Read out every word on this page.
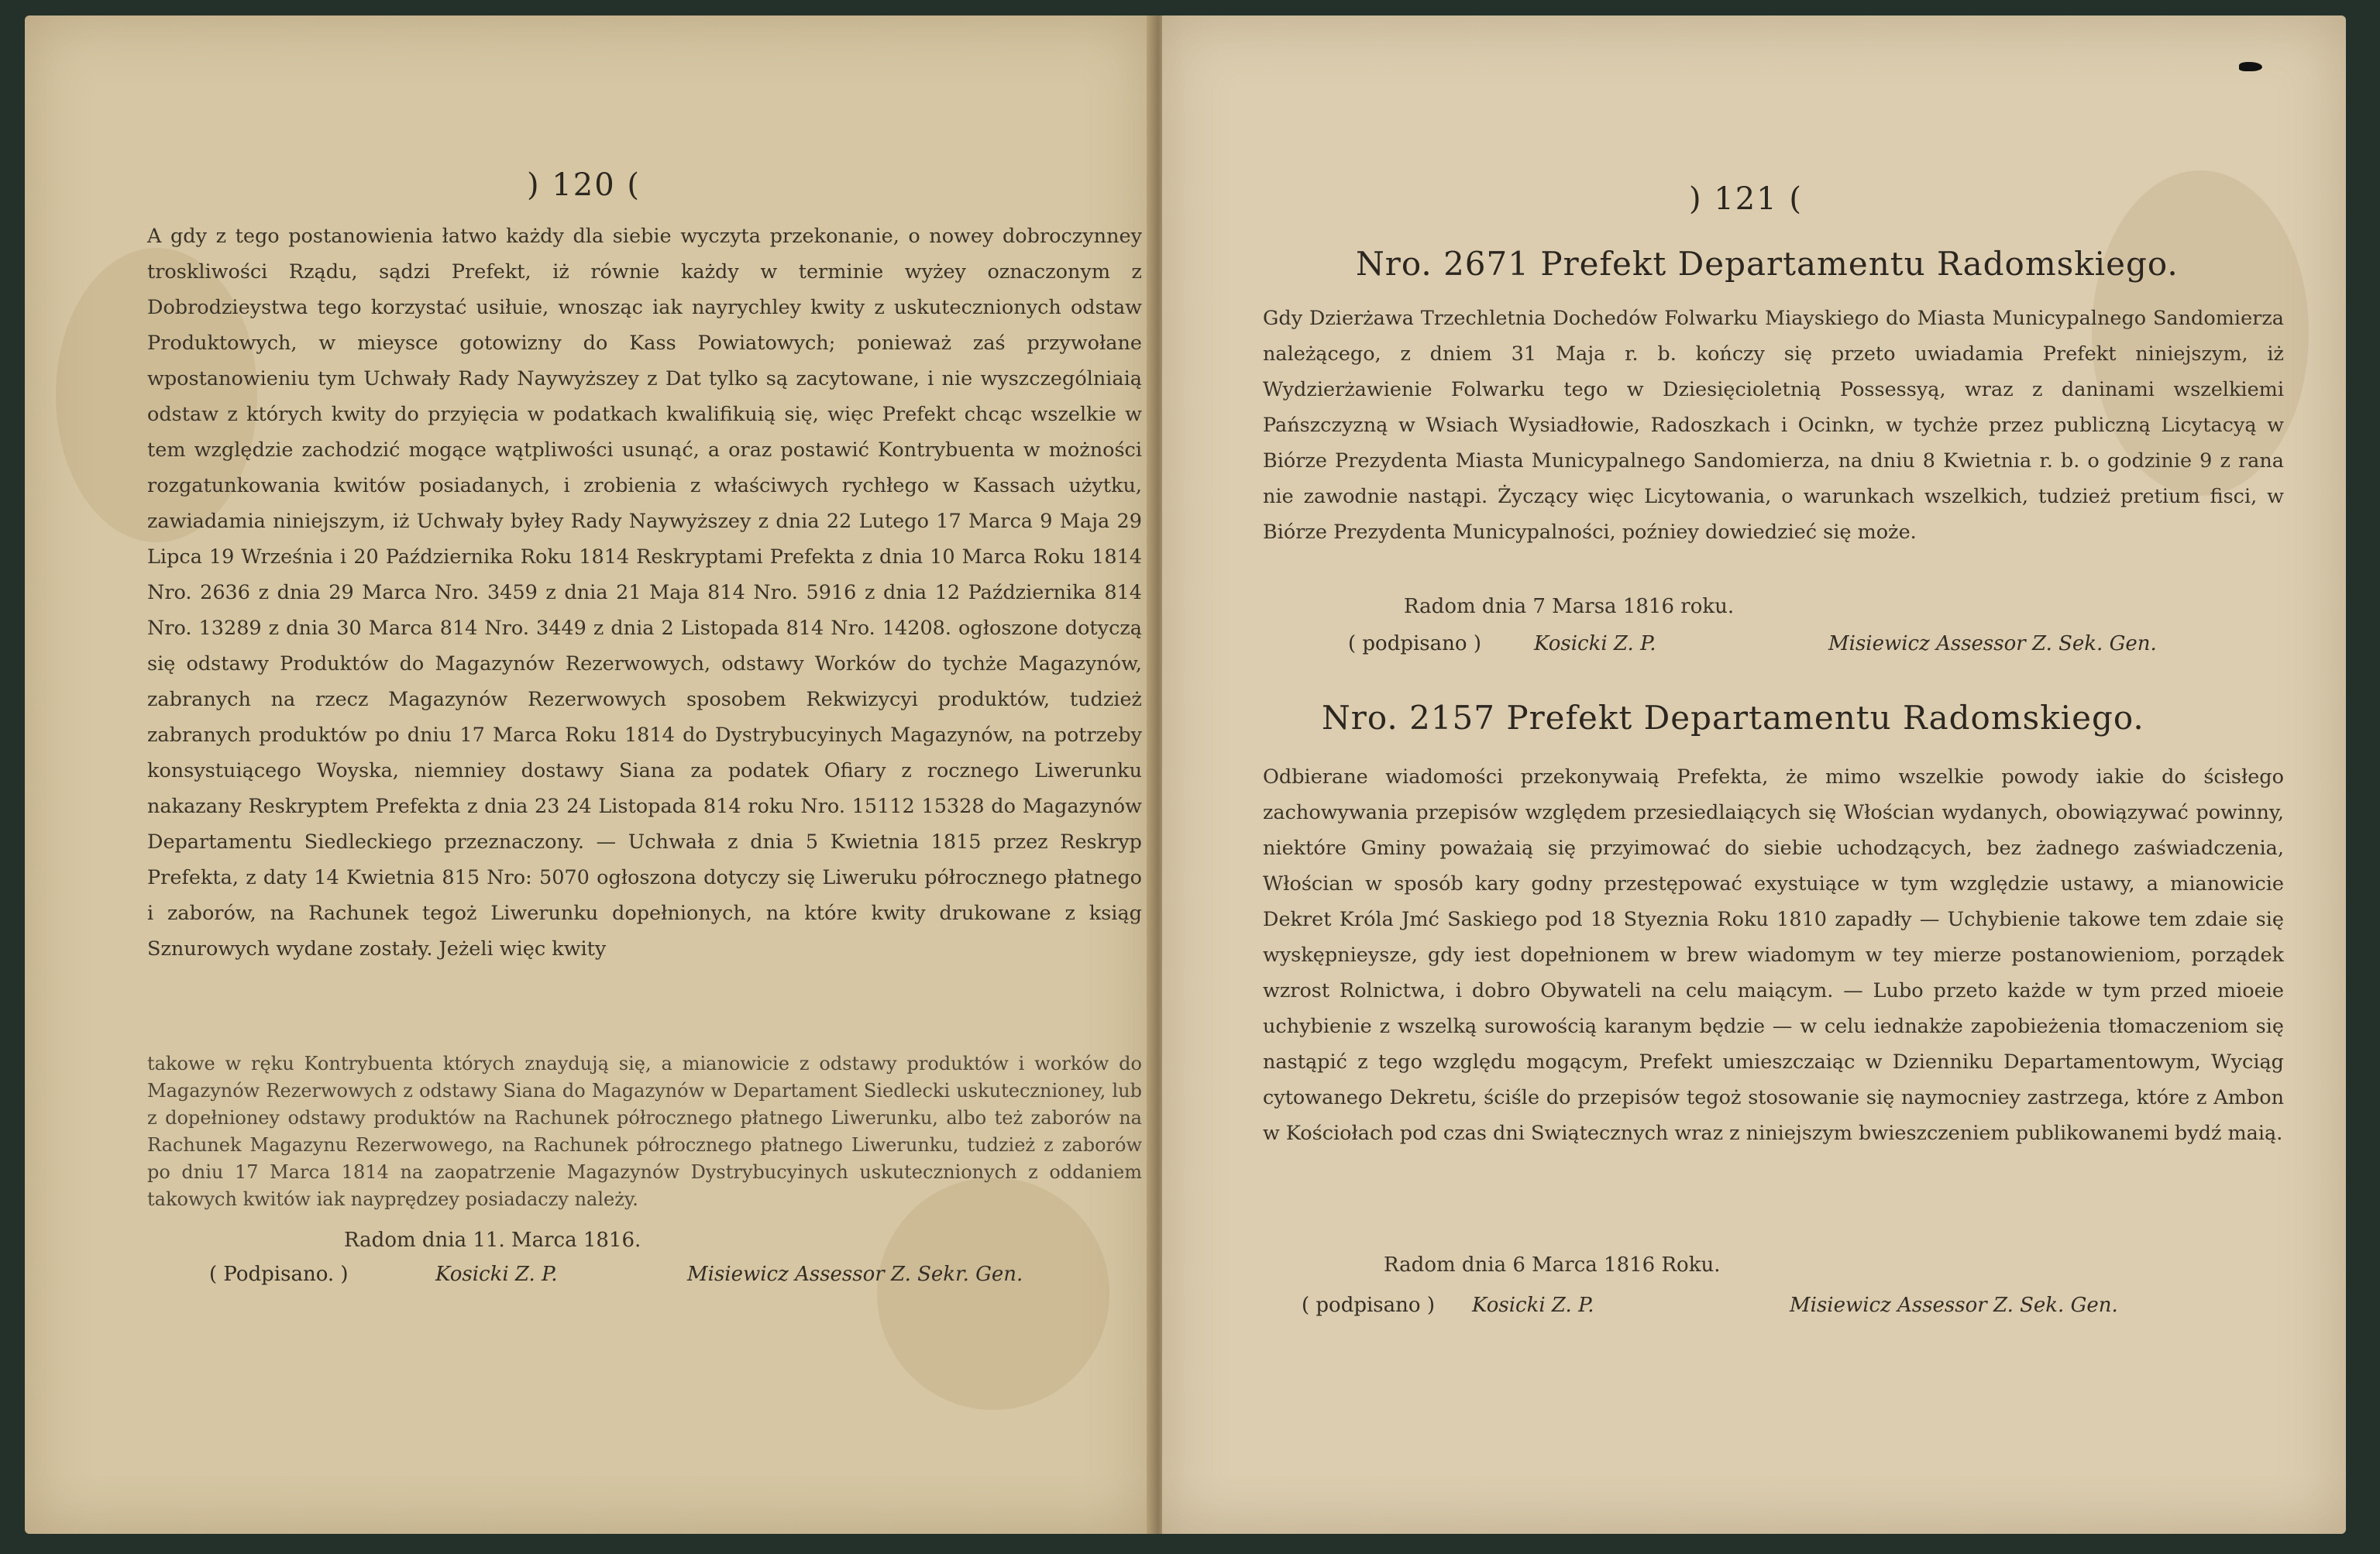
) 120 (

A gdy z tego postanowienia łatwo każdy dla siebie wyczyta przekonanie, o nowey dobroczynney troskliwości Rządu, sądzi Prefekt, iż równie każdy w terminie wyżey oznaczonym z Dobrodzieystwa tego korzystać usiłuie, wnosząc iak nayrychley kwity z uskutecznionych odstaw Produktowych, w mieysce gotowizny do Kass Powiatowych; ponieważ zaś przywołane wpostanowieniu tym Uchwały Rady Naywyższey z Dat tylko są zacytowane, i nie wyszczególniaią odstaw z których kwity do przyięcia w podatkach kwalifikuią się, więc Prefekt chcąc wszelkie w tem względzie zachodzić mogące wątpliwości usunąć, a oraz postawić Kontrybuenta w możności rozgatunkowania kwitów posiadanych, i zrobienia z właściwych rychłego w Kassach użytku, zawiadamia niniejszym, iż Uchwały byłey Rady Naywyższey z dnia 22 Lutego 17 Marca 9 Maja 29 Lipca 19 Września i 20 Października Roku 1814 Reskryptami Prefekta z dnia 10 Marca Roku 1814 Nro. 2636 z dnia 29 Marca Nro. 3459 z dnia 21 Maja 814 Nro. 5916 z dnia 12 Października 814 Nro. 13289 z dnia 30 Marca 814 Nro. 3449 z dnia 2 Listopada 814 Nro. 14208. ogłoszone dotyczą się odstawy Produktów do Magazynów Rezerwowych, odstawy Worków do tychże Magazynów, zabranych na rzecz Magazynów Rezerwowych sposobem Rekwizycyi produktów, tudzież zabranych produktów po dniu 17 Marca Roku 1814 do Dystrybucyinych Magazynów, na potrzeby konsystuiącego Woyska, niemniey dostawy Siana za podatek Ofiary z rocznego Liwerunku nakazany Reskryptem Prefekta z dnia 23 24 Listopada 814 roku Nro. 15112 15328 do Magazynów Departamentu Siedleckiego przeznaczony. — Uchwała z dnia 5 Kwietnia 1815 przez Reskryp Prefekta, z daty 14 Kwietnia 815 Nro: 5070 ogłoszona dotyczy się Liweruku półrocznego płatnego i zaborów, na Rachunek tegoż Liwerunku dopełnionych, na które kwity drukowane z ksiąg Sznurowych wydane zostały. Jeżeli więc kwity

takowe w ręku Kontrybuenta których znaydują się, a mianowicie z odstawy produktów i worków do Magazynów Rezerwowych z odstawy Siana do Magazynów w Departament Siedlecki uskutecznioney, lub z dopełnioney odstawy produktów na Rachunek półrocznego płatnego Liwerunku, albo też zaborów na Rachunek Magazynu Rezerwowego, na Rachunek półrocznego płatnego Liwerunku, tudzież z zaborów po dniu 17 Marca 1814 na zaopatrzenie Magazynów Dystrybucyinych uskutecznionych z oddaniem takowych kwitów iak nayprędzey posiadaczy należy.

Radom dnia 11. Marca 1816.
( Podpisano. )	Kosicki Z. P.	Misiewicz Assessor Z. Sekr. Gen.
) 121 (
Nro. 2671 Prefekt Departamentu Radomskiego.

Gdy Dzierżawa Trzechletnia Dochedów Folwarku Miayskiego do Miasta Municypalnego Sandomierza należącego, z dniem 31 Maja r. b. kończy się przeto uwiadamia Prefekt niniejszym, iż Wydzierżawienie Folwarku tego w Dziesięcioletnią Possessyą, wraz z daninami wszelkiemi Pańszczyzną w Wsiach Wysiadłowie, Radoszkach i Ocinkn, w tychże przez publiczną Licytacyą w Biórze Prezydenta Miasta Municypalnego Sandomierza, na dniu 8 Kwietnia r. b. o godzinie 9 z rana nie zawodnie nastąpi. Życzący więc Licytowania, o warunkach wszelkich, tudzież pretium fisci, w Biórze Prezydenta Municypalności, poźniey dowiedzieć się może.

Radom dnia 7 Marsa 1816 roku.
( podpisano )	Kosicki Z. P.	Misiewicz Assessor Z. Sek. Gen.
Nro. 2157 Prefekt Departamentu Radomskiego.

Odbierane wiadomości przekonywaią Prefekta, że mimo wszelkie powody iakie do ścisłego zachowywania przepisów względem przesiedlaiących się Włościan wydanych, obowiązywać powinny, niektóre Gminy poważaią się przyimować do siebie uchodzących, bez żadnego zaświadczenia, Włościan w sposób kary godny przestępować exystuiące w tym względzie ustawy, a mianowicie Dekret Króla Jmć Saskiego pod 18 Styeznia Roku 1810 zapadły — Uchybienie takowe tem zdaie się wyskępnieysze, gdy iest dopełnionem w brew wiadomym w tey mierze postanowieniom, porządek wzrost Rolnictwa, i dobro Obywateli na celu maiącym. — Lubo przeto każde w tym przed mioeie uchybienie z wszelką surowością karanym będzie — w celu iednakże zapobieżenia tłomaczeniom się nastąpić z tego względu mogącym, Prefekt umieszczaiąc w Dzienniku Departamentowym, Wyciąg cytowanego Dekretu, ściśle do przepisów tegoż stosowanie się naymocniey zastrzega, które z Ambon w Kościołach pod czas dni Swiątecznych wraz z niniejszym bwieszczeniem publikowanemi bydź maią.

Radom dnia 6 Marca 1816 Roku.
( podpisano ) Kosicki Z. P.	Misiewicz Assessor Z. Sek. Gen.
